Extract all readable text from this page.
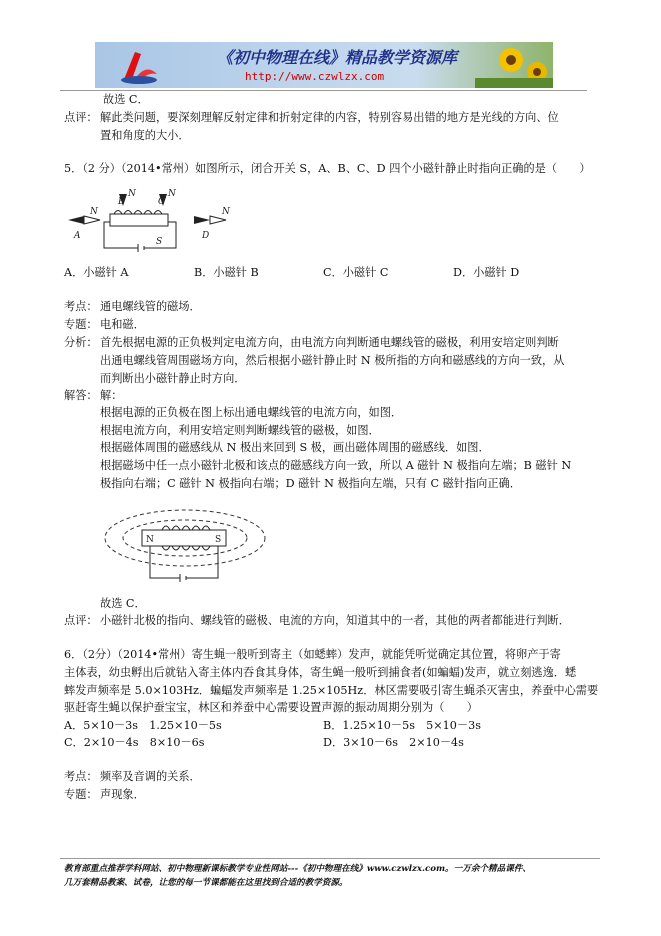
《初中物理在线》精品教学资源库
http://www.czwlzx.com
故选 C．
点评： 解此类问题，要深刻理解反射定律和折射定律的内容，特别容易出错的地方是光线的方向、位
置和角度的大小．
5．（2 分）（2014•常州）如图所示，闭合开关 S，A、B、C、D 四个小磁针静止时指向正确的是（　　）
A
B	C
D
N
N	N
N
S
A．小磁针 A	B．小磁针 B	C．小磁针 C	D．小磁针 D
考点： 通电螺线管的磁场．
专题： 电和磁．
分析： 首先根据电源的正负极判定电流方向，由电流方向判断通电螺线管的磁极，利用安培定则判断
出通电螺线管周围磁场方向，然后根据小磁针静止时 N 极所指的方向和磁感线的方向一致，从
而判断出小磁针静止时方向．
解答： 解：
根据电源的正负极在图上标出通电螺线管的电流方向，如图．
根据电流方向，利用安培定则判断螺线管的磁极，如图．
根据磁体周围的磁感线从 N 极出来回到 S 极，画出磁体周围的磁感线．如图．
根据磁场中任一点小磁针北极和该点的磁感线方向一致，所以 A 磁针 N 极指向左端；B 磁针 N
极指向右端；C 磁针 N 极指向右端；D 磁针 N 极指向左端，只有 C 磁针指向正确．
N	S
故选 C．
点评： 小磁针北极的指向、螺线管的磁极、电流的方向，知道其中的一者，其他的两者都能进行判断．
6．（2分）（2014•常州）寄生蝇一般听到寄主（如蟋蟀）发声，就能凭听觉确定其位置，将卵产于寄
主体表，幼虫孵出后就钻入寄主体内吞食其身体，寄生蝇一般听到捕食者(如蝙蝠)发声，就立刻逃逸．蟋
蟀发声频率是 5.0×103Hz．蝙蝠发声频率是 1.25×105Hz．林区需要吸引寄生蝇杀灭害虫，养蚕中心需要
驱赶寄生蝇以保护蚕宝宝，林区和养蚕中心需要设置声源的振动周期分别为（　　）
A．5×10－3s　1.25×10－5s	B．1.25×10－5s　5×10－3s
C．2×10－4s　8×10－6s	D．3×10－6s　2×10－4s
考点： 频率及音调的关系．
专题： 声现象．
教育部重点推荐学科网站、初中物理新课标教学专业性网站---《初中物理在线》www.czwlzx.com。一万余个精品课件、
几万套精品教案、试卷，让您的每一节课都能在这里找到合适的教学资源。
